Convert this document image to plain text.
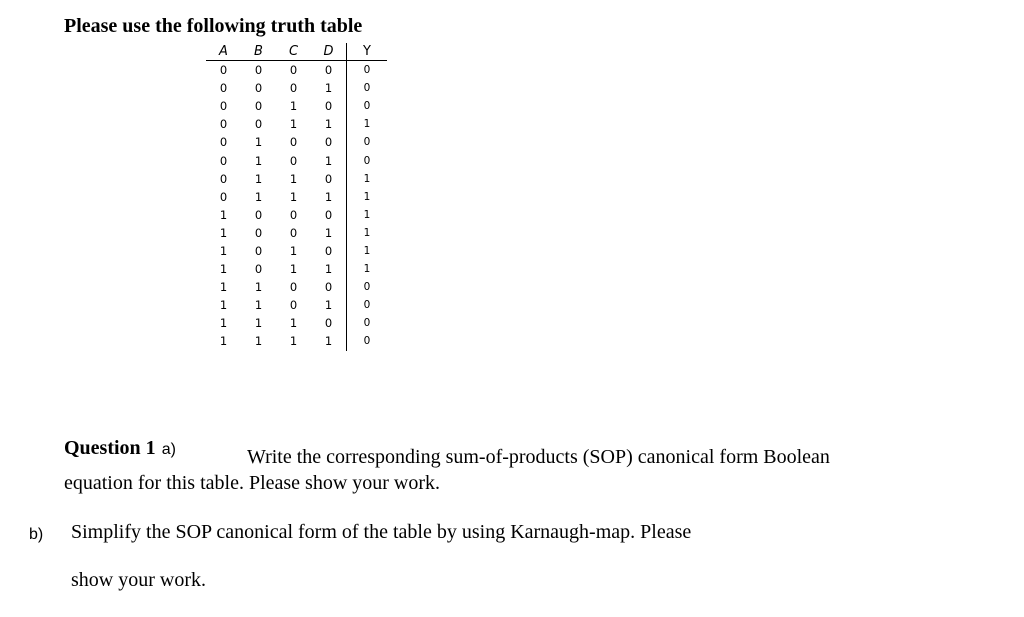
Please use the following truth table
A	B	C	D	Y
0	0	0	0	0
0	0	0	1	0
0	0	1	0	0
0	0	1	1	1
0	1	0	0	0
0	1	0	1	0
0	1	1	0	1
0	1	1	1	1
1	0	0	0	1
1	0	0	1	1
1	0	1	0	1
1	0	1	1	1
1	1	0	0	0
1	1	0	1	0
1	1	1	0	0
1	1	1	1	0
Question 1 a)	Write the corresponding sum-of-products (SOP) canonical form Boolean
equation for this table. Please show your work.
b) Simplify the SOP canonical form of the table by using Karnaugh-map. Please
show your work.
